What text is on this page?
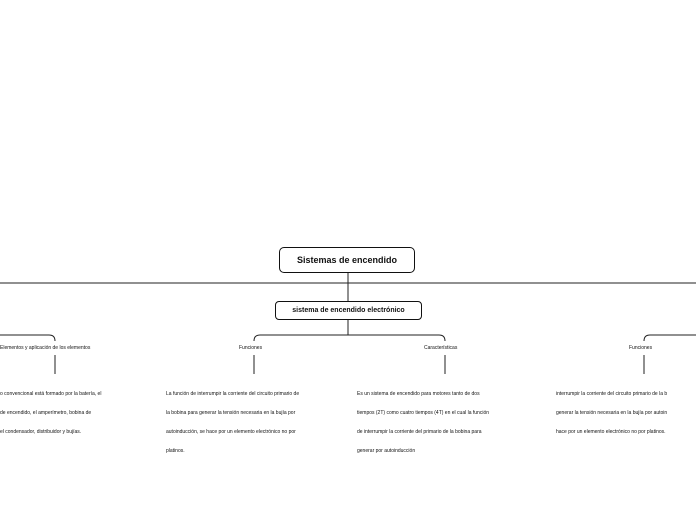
Sistemas de encendido
sistema de encendido electrónico
Elementos y aplicación de los elementos

o convencional está formado por la batería, el

de encendido, el amperímetro, bobina de

el condensador, distribuidor y bujías.

Funciones

La función de interrumpir la corriente del circuito primario de

la bobina para generar la tensión necesaria en la bujía por

autoinducción, se hace por un elemento electrónico no por

platinos.

Características

Es un sistema de encendido para motores tanto de dos

tiempos (2T) como cuatro tiempos (4T) en el cual la función

de interrumpir la corriente del primario de la bobina para

generar por autoinducción

Funciones

interrumpir la corriente del circuito primario de la b

generar la tensión necesaria en la bujía por autoin

hace por un elemento electrónico no por platinos.
